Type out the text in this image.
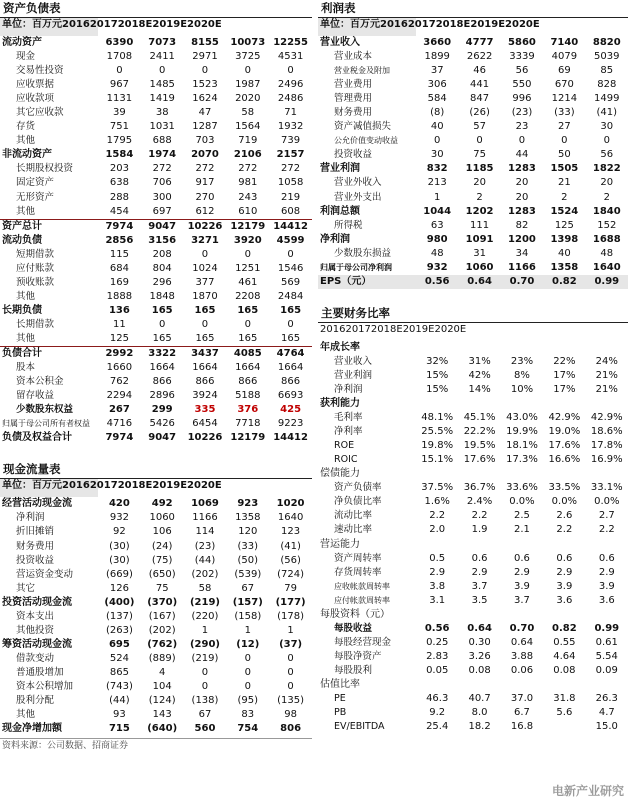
资产负债表
单位：百万元 2016 2017 2018E 2019E 2020E
流动资产	6390	7073	8155	10073	12255
现金	1708	2411	2971	3725	4531
交易性投资	0	0	0	0	0
应收票据	967	1485	1523	1987	2496
应收款项	1131	1419	1624	2020	2486
其它应收款	39	38	47	58	71
存货	751	1031	1287	1564	1932
其他	1795	688	703	719	739
非流动资产	1584	1974	2070	2106	2157
长期股权投资	203	272	272	272	272
固定资产	638	706	917	981	1058
无形资产	288	300	270	243	219
其他	454	697	612	610	608
资产总计	7974	9047	10226	12179	14412
流动负债	2856	3156	3271	3920	4599
短期借款	115	208	0	0	0
应付账款	684	804	1024	1251	1546
预收账款	169	296	377	461	569
其他	1888	1848	1870	2208	2484
长期负债	136	165	165	165	165
长期借款	11	0	0	0	0
其他	125	165	165	165	165
负债合计	2992	3322	3437	4085	4764
股本	1660	1664	1664	1664	1664
资本公积金	762	866	866	866	866
留存收益	2294	2896	3924	5188	6693
少数股东权益	267	299	335	376	425
归属于母公司所有者权益	4716	5426	6454	7718	9223
负债及权益合计	7974	9047	10226	12179	14412
现金流量表
单位：百万元 2016 2017 2018E 2019E 2020E
经营活动现金流	420	492	1069	923	1020
净利润	932	1060	1166	1358	1640
折旧摊销	92	106	114	120	123
财务费用	(30)	(24)	(23)	(33)	(41)
投资收益	(30)	(75)	(44)	(50)	(56)
营运资金变动	(669)	(650)	(202)	(539)	(724)
其它	126	75	58	67	79
投资活动现金流	(400)	(370)	(219)	(157)	(177)
资本支出	(137)	(167)	(220)	(158)	(178)
其他投资	(263)	(202)	1	1	1
筹资活动现金流	695	(762)	(290)	(12)	(37)
借款变动	524	(889)	(219)	0	0
普通股增加	865	4	0	0	0
资本公积增加	(743)	104	0	0	0
股利分配	(44)	(124)	(138)	(95)	(135)
其他	93	143	67	83	98
现金净增加额	715	(640)	560	754	806
资料来源：公司数据、招商证券
利润表
单位：百万元 2016 2017 2018E 2019E 2020E
营业收入	3660	4777	5860	7140	8820
营业成本	1899	2622	3339	4079	5039
营业税金及附加	37	46	56	69	85
营业费用	306	441	550	670	828
管理费用	584	847	996	1214	1499
财务费用	(8)	(26)	(23)	(33)	(41)
资产减值损失	40	57	23	27	30
公允价值变动收益	0	0	0	0	0
投资收益	30	75	44	50	56
营业利润	832	1185	1283	1505	1822
营业外收入	213	20	20	21	20
营业外支出	1	2	20	2	2
利润总额	1044	1202	1283	1524	1840
所得税	63	111	82	125	152
净利润	980	1091	1200	1398	1688
少数股东损益	48	31	34	40	48
归属于母公司净利润	932	1060	1166	1358	1640
EPS（元）	0.56	0.64	0.70	0.82	0.99
主要财务比率
2016 2017 2018E 2019E 2020E
年成长率					
营业收入	32%	31%	23%	22%	24%
营业利润	15%	42%	8%	17%	21%
净利润	15%	14%	10%	17%	21%
获利能力					
毛利率	48.1%	45.1%	43.0%	42.9%	42.9%
净利率	25.5%	22.2%	19.9%	19.0%	18.6%
ROE	19.8%	19.5%	18.1%	17.6%	17.8%
ROIC	15.1%	17.6%	17.3%	16.6%	16.9%
偿债能力					
资产负债率	37.5%	36.7%	33.6%	33.5%	33.1%
净负债比率	1.6%	2.4%	0.0%	0.0%	0.0%
流动比率	2.2	2.2	2.5	2.6	2.7
速动比率	2.0	1.9	2.1	2.2	2.2
营运能力					
资产周转率	0.5	0.6	0.6	0.6	0.6
存货周转率	2.9	2.9	2.9	2.9	2.9
应收帐款周转率	3.8	3.7	3.9	3.9	3.9
应付帐款周转率	3.1	3.5	3.7	3.6	3.6
每股资料（元）					
每股收益	0.56	0.64	0.70	0.82	0.99
每股经营现金	0.25	0.30	0.64	0.55	0.61
每股净资产	2.83	3.26	3.88	4.64	5.54
每股股利	0.05	0.08	0.06	0.08	0.09
估值比率					
PE	46.3	40.7	37.0	31.8	26.3
PB	9.2	8.0	6.7	5.6	4.7
EV/EBITDA	25.4	18.2	16.8		15.0
电新产业研究
